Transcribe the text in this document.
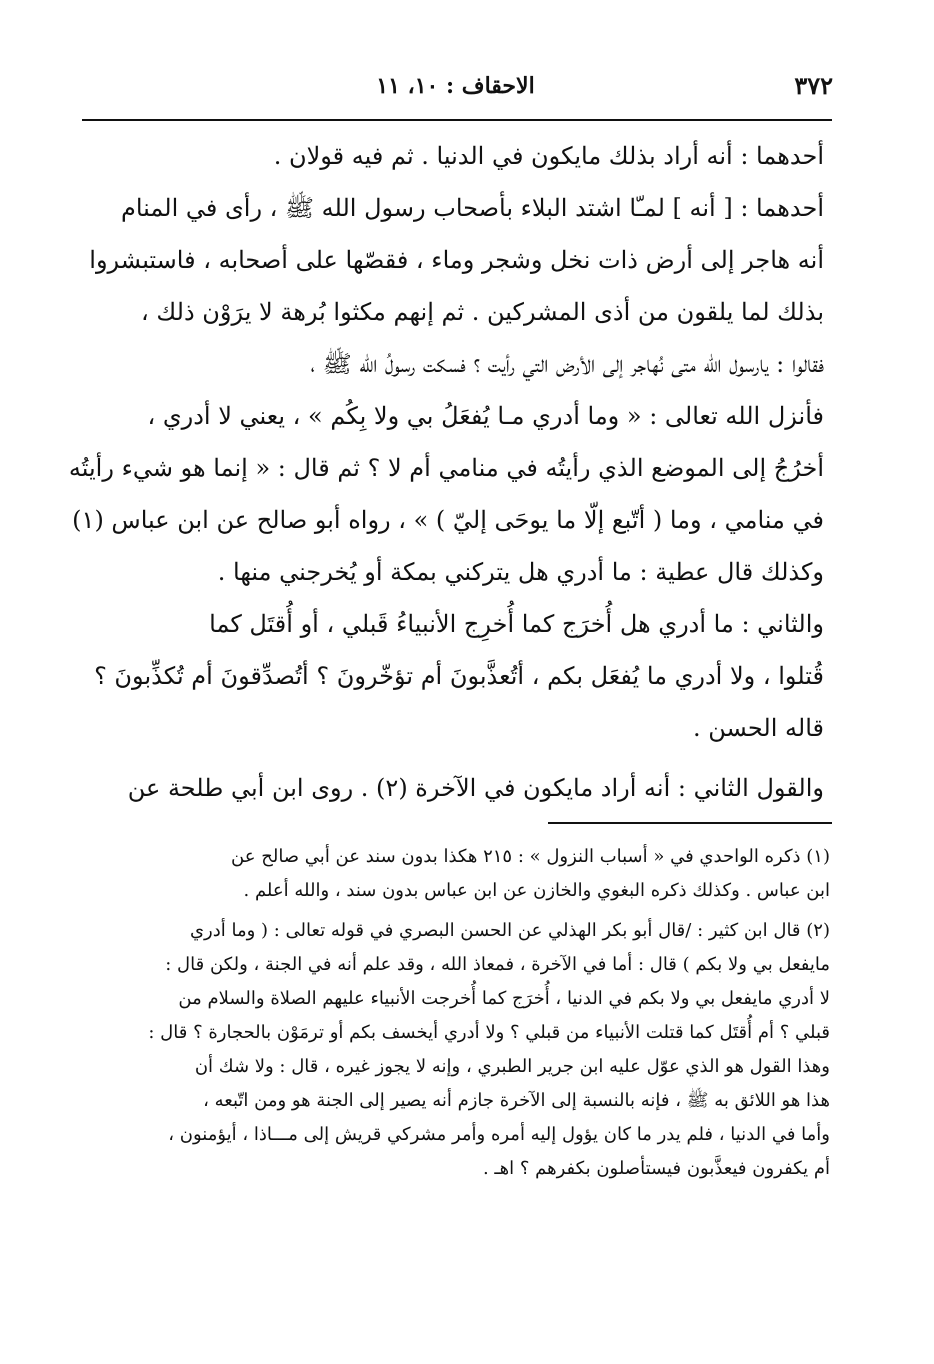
٣٧٢
الاحقاف : ١٠، ١١
أحدهما : أنه أراد بذلك مايكون في الدنيا . ثم فيه قولان .
أحدهما : [ أنه ] لمـّا اشتد البلاء بأصحاب رسول الله ﷺ ، رأى في المنام
أنه هاجر إلى أرض ذات نخل وشجر وماء ، فقصّها على أصحابه ، فاستبشروا
بذلك لما يلقون من أذى المشركين . ثم إنهم مكثوا بُرهة لا يرَوْن ذلك ،
فقالوا : يارسول الله متى نُهاجر إلى الأرض التي رأيت ؟ فسكت رسولُ الله ﷺ ،
فأنزل الله تعالى : « وما أدري مـا يُفعَلُ بي ولا بِكُم » ، يعني لا أدري ،
أخرُجُ إلى الموضع الذي رأيتُه في منامي أم لا ؟ ثم قال : « إنما هو شيء رأيتُه
في منامي ، وما ( أتّبع إلّا ما يوحَى إليّ ) » ، رواه أبو صالح عن ابن عباس (١)
وكذلك قال عطية : ما أدري هل يتركني بمكة أو يُخرجني منها .
والثاني : ما أدري هل أُخرَج كما أُخرِج الأنبياءُ قَبلي ، أو أُقتَل كما
قُتلوا ، ولا أدري ما يُفعَل بكم ، أتُعذَّبونَ أم تؤخّرونَ ؟ أتُصدِّقونَ أم تُكذِّبونَ ؟
قاله الحسن .
والقول الثاني : أنه أراد مايكون في الآخرة (٢) . روى ابن أبي طلحة عن
(١) ذكره الواحدي في « أسباب النزول » : ٢١٥ هكذا بدون سند عن أبي صالح عن
ابن عباس . وكذلك ذكره البغوي والخازن عن ابن عباس بدون سند ، والله أعلم .
(٢) قال ابن كثير : /قال أبو بكر الهذلي عن الحسن البصري في قوله تعالى : ( وما أدري
مايفعل بي ولا بكم ) قال : أما في الآخرة ، فمعاذ الله ، وقد علم أنه في الجنة ، ولكن قال :
لا أدري مايفعل بي ولا بكم في الدنيا ، أُخرَج كما أُخرجت الأنبياء عليهم الصلاة والسلام من
قبلي ؟ أم أُقتَل كما قتلت الأنبياء من قبلي ؟ ولا أدري أيخسف بكم أو ترمَوْن بالحجارة ؟ قال :
وهذا القول هو الذي عوّل عليه ابن جرير الطبري ، وإنه لا يجوز غيره ، قال : ولا شك أن
هذا هو اللائق به ﷺ ، فإنه بالنسبة إلى الآخرة جازم أنه يصير إلى الجنة هو ومن اتّبعه ،
وأما في الدنيا ، فلم يدر ما كان يؤول إليه أمره وأمر مشركي قريش إلى مـــاذا ، أيؤمنون ،
أم يكفرون فيعذَّبون فيستأصلون بكفرهم ؟ اهـ .
